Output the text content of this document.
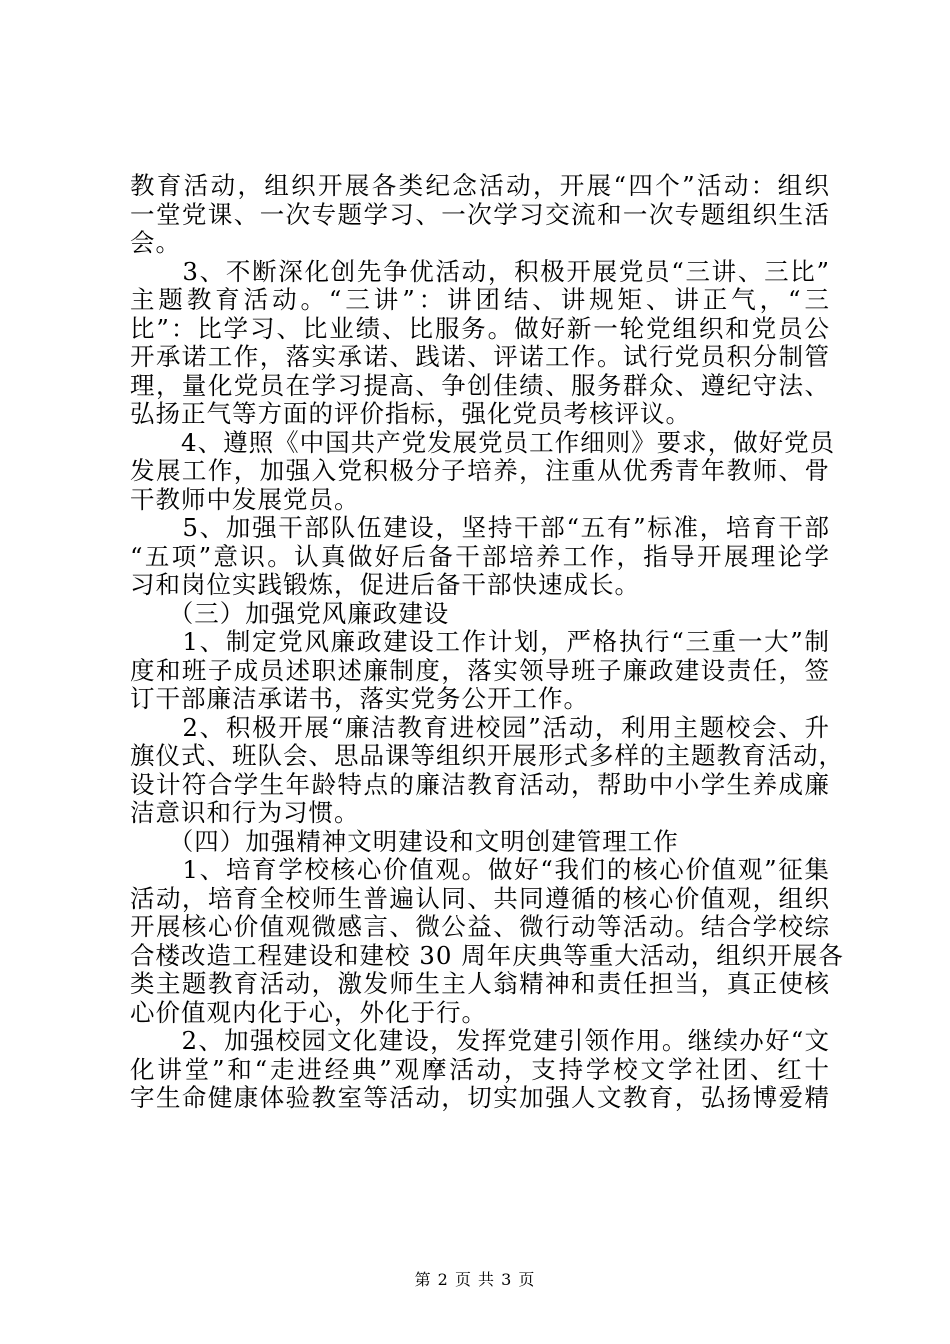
教育活动，组织开展各类纪念活动，开展“四个”活动：组织
一堂党课、一次专题学习、一次学习交流和一次专题组织生活
会。
　　3、不断深化创先争优活动，积极开展党员“三讲、三比”
主题教育活动。“三讲”：讲团结、讲规矩、讲正气，“三
比”：比学习、比业绩、比服务。做好新一轮党组织和党员公
开承诺工作，落实承诺、践诺、评诺工作。试行党员积分制管
理，量化党员在学习提高、争创佳绩、服务群众、遵纪守法、
弘扬正气等方面的评价指标，强化党员考核评议。
　　4、遵照《中国共产党发展党员工作细则》要求，做好党员
发展工作，加强入党积极分子培养，注重从优秀青年教师、骨
干教师中发展党员。
　　5、加强干部队伍建设，坚持干部“五有”标准，培育干部
“五项”意识。认真做好后备干部培养工作，指导开展理论学
习和岗位实践锻炼，促进后备干部快速成长。
　　（三）加强党风廉政建设
　　1、制定党风廉政建设工作计划，严格执行“三重一大”制
度和班子成员述职述廉制度，落实领导班子廉政建设责任，签
订干部廉洁承诺书，落实党务公开工作。
　　2、积极开展“廉洁教育进校园”活动，利用主题校会、升
旗仪式、班队会、思品课等组织开展形式多样的主题教育活动，
设计符合学生年龄特点的廉洁教育活动，帮助中小学生养成廉
洁意识和行为习惯。
　　（四）加强精神文明建设和文明创建管理工作
　　1、培育学校核心价值观。做好“我们的核心价值观”征集
活动，培育全校师生普遍认同、共同遵循的核心价值观，组织
开展核心价值观微感言、微公益、微行动等活动。结合学校综
合楼改造工程建设和建校 30 周年庆典等重大活动，组织开展各
类主题教育活动，激发师生主人翁精神和责任担当，真正使核
心价值观内化于心，外化于行。
　　2、加强校园文化建设，发挥党建引领作用。继续办好“文
化讲堂”和“走进经典”观摩活动，支持学校文学社团、红十
字生命健康体验教室等活动，切实加强人文教育，弘扬博爱精
第 2 页 共 3 页
